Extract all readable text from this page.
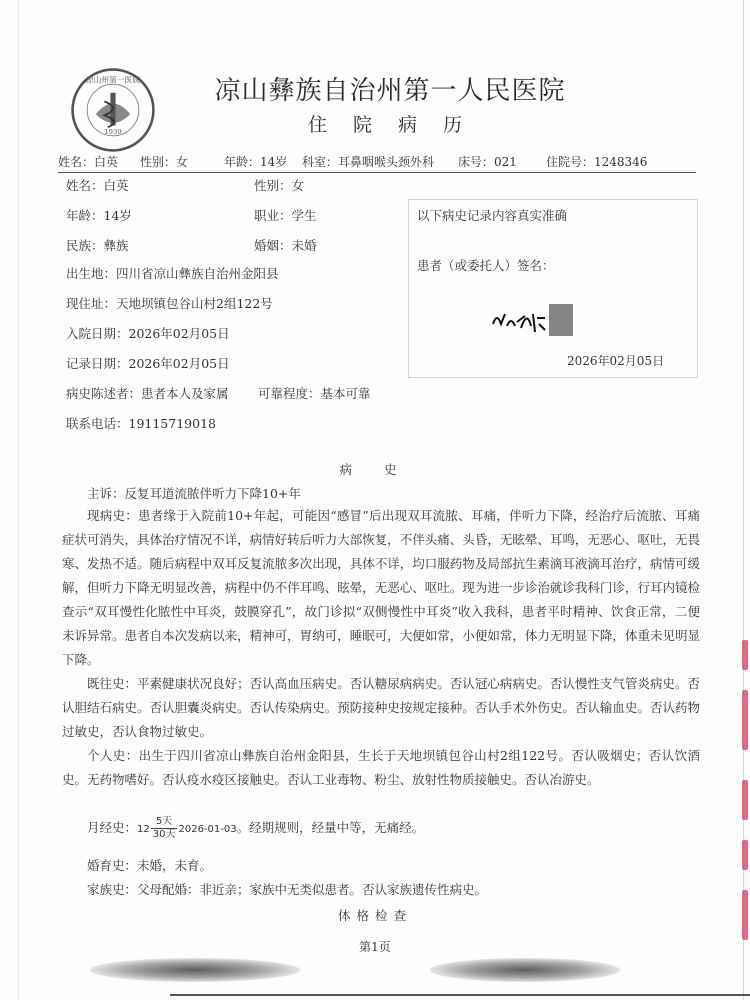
1939
凉山州第一医院	凉山彝族自治州第一人民医院
住 院 病 历
姓名：白英 性别：女	年龄：14岁 科室：耳鼻咽喉头颈外科 床号：021 住院号：1248346
姓名：白英	性别：女
年龄：14岁	职业：学生
民族：彝族	婚姻：未婚
出生地：四川省凉山彝族自治州金阳县
现住址：天地坝镇包谷山村2组122号
入院日期：2026年02月05日
记录日期：2026年02月05日
病史陈述者：患者本人及家属 可靠程度：基本可靠
联系电话：19115719018
以下病史记录内容真实准确
患者（或委托人）签名：
2026年02月05日
病 史
主诉：反复耳道流脓伴听力下降10+年
现病史：患者缘于入院前10+年起，可能因“感冒”后出现双耳流脓、耳痛，伴听力下降，经治疗后流脓、耳痛症状可消失，具体治疗情况不详，病情好转后听力大部恢复，不伴头痛、头昏，无眩晕、耳鸣，无恶心、呕吐，无畏寒、发热不适。随后病程中双耳反复流脓多次出现，具体不详，均口服药物及局部抗生素滴耳液滴耳治疗，病情可缓解，但听力下降无明显改善，病程中仍不伴耳鸣、眩晕，无恶心、呕吐。现为进一步诊治就诊我科门诊，行耳内镜检查示“双耳慢性化脓性中耳炎，鼓膜穿孔”，故门诊拟“双侧慢性中耳炎”收入我科，患者平时精神、饮食正常，二便未诉异常。患者自本次发病以来，精神可，胃纳可，睡眠可，大便如常，小便如常，体力无明显下降，体重未见明显下降。
既往史：平素健康状况良好；否认高血压病史。否认糖尿病病史。否认冠心病病史。否认慢性支气管炎病史。否认胆结石病史。否认胆囊炎病史。否认传染病史。预防接种史按规定接种。否认手术外伤史。否认输血史。否认药物过敏史，否认食物过敏史。
个人史：出生于四川省凉山彝族自治州金阳县，生长于天地坝镇包谷山村2组122号。否认吸烟史；否认饮酒史。无药物嗜好。否认疫水疫区接触史。否认工业毒物、粉尘、放射性物质接触史。否认冶游史。
月经史：$12 \frac{\text{5天}}{\text{30天}} 2026-01-03$。经期规则，经量中等，无痛经。
婚育史：未婚，未育。
家族史：父母配婚：非近亲；家族中无类似患者。否认家族遗传性病史。
体格检查
第1页
